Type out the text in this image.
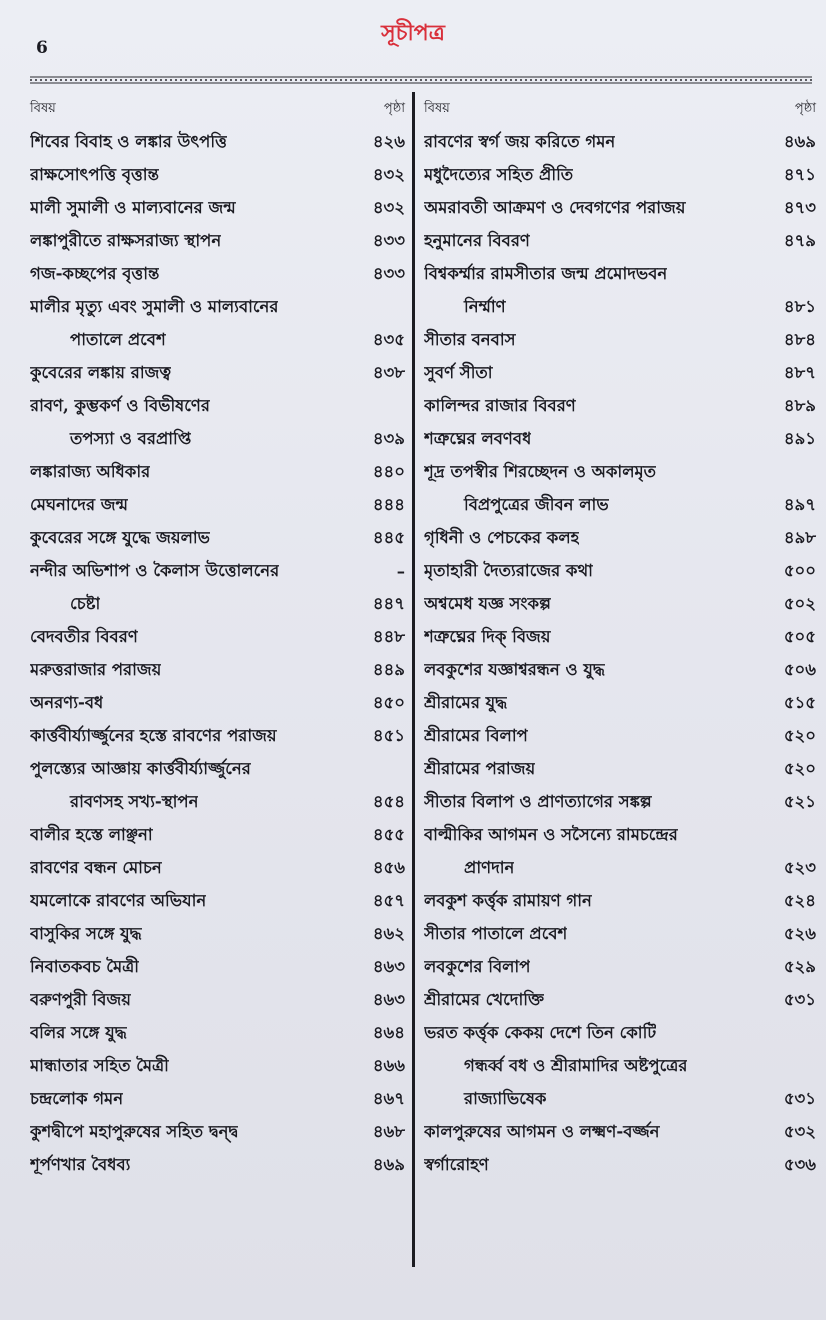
6
সূচীপত্র
বিষয়	পৃষ্ঠা
শিবের বিবাহ ও লঙ্কার উৎপত্তি	৪২৬
রাক্ষসোৎপত্তি বৃত্তান্ত	৪৩২
মালী সুমালী ও মাল্যবানের জন্ম	৪৩২
লঙ্কাপুরীতে রাক্ষসরাজ্য স্থাপন	৪৩৩
গজ-কচ্ছপের বৃত্তান্ত	৪৩৩
মালীর মৃত্যু এবং সুমালী ও মাল্যবানের
পাতালে প্রবেশ	৪৩৫
কুবেরের লঙ্কায় রাজত্ব	৪৩৮
রাবণ, কুম্ভকর্ণ ও বিভীষণের
তপস্যা ও বরপ্রাপ্তি	৪৩৯
লঙ্কারাজ্য অধিকার	৪৪০
মেঘনাদের জন্ম	৪৪৪
কুবেরের সঙ্গে যুদ্ধে জয়লাভ	৪৪৫
নন্দীর অভিশাপ ও কৈলাস উত্তোলনের	–
চেষ্টা	৪৪৭
বেদবতীর বিবরণ	৪৪৮
মরুত্তরাজার পরাজয়	৪৪৯
অনরণ্য-বধ	৪৫০
কার্ত্তবীর্য্যার্জ্জুনের হস্তে রাবণের পরাজয়	৪৫১
পুলস্ত্যের আজ্ঞায় কার্ত্তবীর্য্যার্জ্জুনের
রাবণসহ সখ্য-স্থাপন	৪৫৪
বালীর হস্তে লাঞ্ছনা	৪৫৫
রাবণের বন্ধন মোচন	৪৫৬
যমলোকে রাবণের অভিযান	৪৫৭
বাসুকির সঙ্গে যুদ্ধ	৪৬২
নিবাতকবচ মৈত্রী	৪৬৩
বরুণপুরী বিজয়	৪৬৩
বলির সঙ্গে যুদ্ধ	৪৬৪
মান্ধাতার সহিত মৈত্রী	৪৬৬
চন্দ্রলোক গমন	৪৬৭
কুশদ্বীপে মহাপুরুষের সহিত দ্বন্দ্ব	৪৬৮
শূর্পণখার বৈধব্য	৪৬৯
বিষয়	পৃষ্ঠা
রাবণের স্বর্গ জয় করিতে গমন	৪৬৯
মধুদৈত্যের সহিত প্রীতি	৪৭১
অমরাবতী আক্রমণ ও দেবগণের পরাজয়	৪৭৩
হনুমানের বিবরণ	৪৭৯
বিশ্বকর্ম্মার রামসীতার জন্ম প্রমোদভবন
নির্ম্মাণ	৪৮১
সীতার বনবাস	৪৮৪
সুবর্ণ সীতা	৪৮৭
কালিন্দর রাজার বিবরণ	৪৮৯
শত্রুঘ্নের লবণবধ	৪৯১
শূদ্র তপস্বীর শিরচ্ছেদন ও অকালমৃত
বিপ্রপুত্রের জীবন লাভ	৪৯৭
গৃধিনী ও পেচকের কলহ	৪৯৮
মৃতাহারী দৈত্যরাজের কথা	৫০০
অশ্বমেধ যজ্ঞ সংকল্প	৫০২
শত্রুঘ্নের দিক্ বিজয়	৫০৫
লবকুশের যজ্ঞাশ্বরন্ধন ও যুদ্ধ	৫০৬
শ্রীরামের যুদ্ধ	৫১৫
শ্রীরামের বিলাপ	৫২০
শ্রীরামের পরাজয়	৫২০
সীতার বিলাপ ও প্রাণত্যাগের সঙ্কল্প	৫২১
বাল্মীকির আগমন ও সসৈন্যে রামচন্দ্রের
প্রাণদান	৫২৩
লবকুশ কর্ত্তৃক রামায়ণ গান	৫২৪
সীতার পাতালে প্রবেশ	৫২৬
লবকুশের বিলাপ	৫২৯
শ্রীরামের খেদোক্তি	৫৩১
ভরত কর্ত্তৃক কেকয় দেশে তিন কোটি
গন্ধর্ব্ব বধ ও শ্রীরামাদির অষ্টপুত্রের
রাজ্যাভিষেক	৫৩১
কালপুরুষের আগমন ও লক্ষ্মণ-বর্জ্জন	৫৩২
স্বর্গারোহণ	৫৩৬
